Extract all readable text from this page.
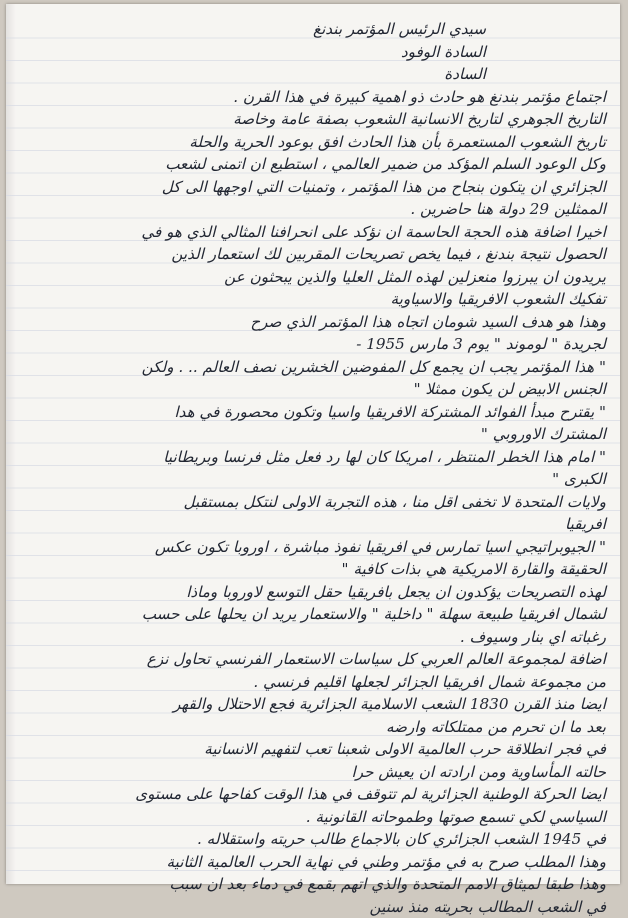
سيدي الرئيس المؤتمر بندنغ
السادة الوفود
السادة
اجتماع مؤتمر بندنغ هو حادث ذو اهمية كبيرة في هذا القرن .
التاريخ الجوهري لتاريخ الانسانية الشعوب بصفة عامة وخاصة
تاريخ الشعوب المستعمرة بأن هذا الحادث افق بوعود الحرية والحلة
وكل الوعود السلم المؤكد من ضمير العالمي ، استطيع ان اتمنى لشعب
الجزائري ان يتكون بنجاح من هذا المؤتمر ، وتمنيات التي اوجهها الى كل
الممثلين 29 دولة هنا حاضرين .
اخيرا اضافة هذه الحجة الحاسمة ان نؤكد على انحرافنا المثالي الذي هو في
الحصول نتيجة بندنغ ، فيما يخص تصريحات المقربين لك استعمار الذين
يريدون ان يبرزوا منعزلين لهذه المثل العليا والذين يبحثون عن
تفكيك الشعوب الافريقيا والاسياوية
وهذا هو هدف السيد شومان اتجاه هذا المؤتمر الذي صرح
لجريدة " لوموند " يوم 3 مارس 1955 -
" هذا المؤتمر يجب ان يجمع كل المفوضين الخشرين نصف العالم .. . ولكن
الجنس الابيض لن يكون ممثلا "
" يقترح مبدأ الفوائد المشتركة الافريقيا واسيا وتكون محصورة في هدا
المشترك الاوروبي "
" امام هذا الخطر المنتظر ، امريكا كان لها رد فعل مثل فرنسا وبريطانيا
الكبرى "
ولايات المتحدة لا تخفى اقل منا ، هذه التجربة الاولى لنتكل بمستقبل
افريقيا
" الجيوبراتيجي اسيا تمارس في افريقيا نفوذ مباشرة ، اوروبا تكون عكس
الحقيقة والقارة الامريكية هي بذات كافية "
لهذه التصريحات يؤكدون ان يجعل بافريقيا حقل التوسع لاوروبا وماذا
لشمال افريقيا طبيعة سهلة " داخلية " والاستعمار يريد ان يحلها على حسب
رغباته اي بنار وسيوف .
اضافة لمجموعة العالم العربي كل سياسات الاستعمار الفرنسي تحاول نزع
من مجموعة شمال افريقيا الجزائر لجعلها اقليم فرنسي .
ايضا منذ القرن 1830 الشعب الاسلامية الجزائرية فجع الاحتلال والقهر
بعد ما ان تحرم من ممتلكاته وارضه
في فجر انطلاقة حرب العالمية الاولى شعبنا تعب لتفهيم الانسانية
حالته المأساوية ومن ارادته ان يعيش حرا
ايضا الحركة الوطنية الجزائرية لم تتوقف في هذا الوقت كفاحها على مستوى
السياسي لكي تسمع صوتها وطموحاته القانونية .
في 1945 الشعب الجزائري كان بالاجماع طالب حريته واستقلاله .
وهذا المطلب صرح به في مؤتمر وطني في نهاية الحرب العالمية الثانية
وهذا طبقا لميثاق الامم المتحدة والذي اتهم بقمع في دماء بعد ان سبب
في الشعب المطالب بحريته منذ سنين
